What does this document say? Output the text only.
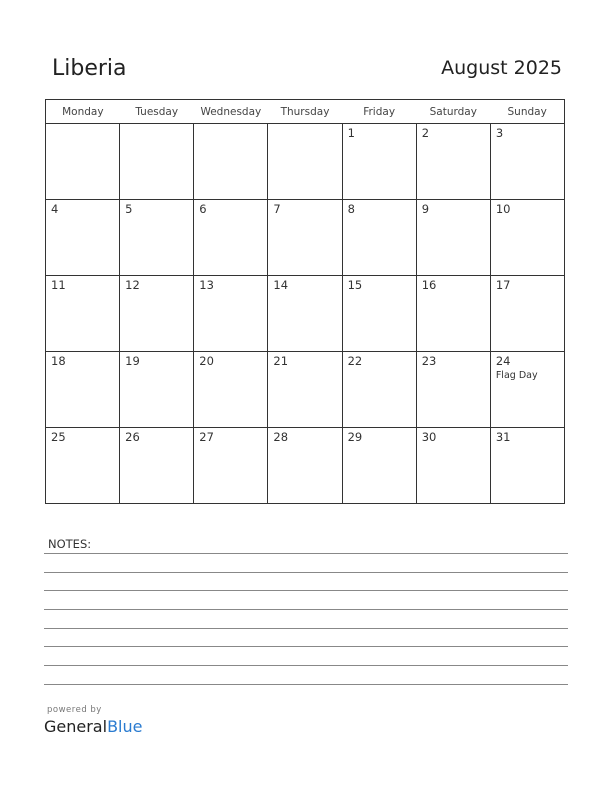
Liberia	August 2025
Monday	Tuesday	Wednesday	Thursday	Friday	Saturday	Sunday

				1	2	3

4	5	6	7	8	9	10

11	12	13	14	15	16	17

18	19	20	21	22	23	24
Flag Day

25	26	27	28	29	30	31
NOTES:
powered by
GeneralBlue
